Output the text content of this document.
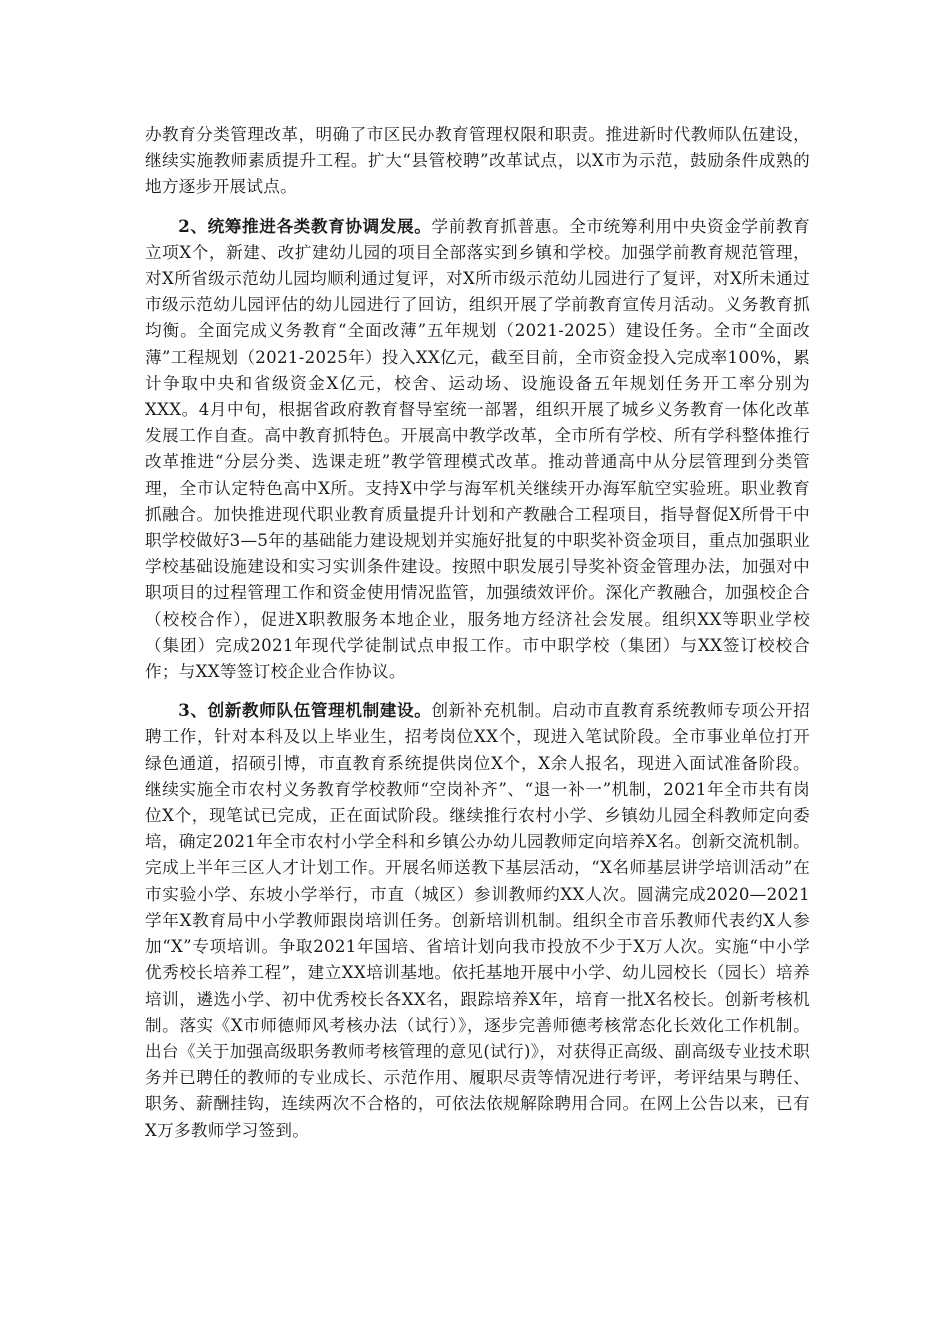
办教育分类管理改革，明确了市区民办教育管理权限和职责。推进新时代教师队伍建设，继续实施教师素质提升工程。扩大“县管校聘”改革试点，以X市为示范，鼓励条件成熟的地方逐步开展试点。

2、统筹推进各类教育协调发展。学前教育抓普惠。全市统筹利用中央资金学前教育立项X个，新建、改扩建幼儿园的项目全部落实到乡镇和学校。加强学前教育规范管理，对X所省级示范幼儿园均顺利通过复评，对X所市级示范幼儿园进行了复评，对X所未通过市级示范幼儿园评估的幼儿园进行了回访，组织开展了学前教育宣传月活动。义务教育抓均衡。全面完成义务教育“全面改薄”五年规划（2021-2025）建设任务。全市“全面改薄”工程规划（2021-2025年）投入XX亿元，截至目前，全市资金投入完成率100%，累计争取中央和省级资金X亿元，校舍、运动场、设施设备五年规划任务开工率分别为XXX。4月中旬，根据省政府教育督导室统一部署，组织开展了城乡义务教育一体化改革发展工作自查。高中教育抓特色。开展高中教学改革，全市所有学校、所有学科整体推行改革推进“分层分类、选课走班”教学管理模式改革。推动普通高中从分层管理到分类管理，全市认定特色高中X所。支持X中学与海军机关继续开办海军航空实验班。职业教育抓融合。加快推进现代职业教育质量提升计划和产教融合工程项目，指导督促X所骨干中职学校做好3—5年的基础能力建设规划并实施好批复的中职奖补资金项目，重点加强职业学校基础设施建设和实习实训条件建设。按照中职发展引导奖补资金管理办法，加强对中职项目的过程管理工作和资金使用情况监管，加强绩效评价。深化产教融合，加强校企合（校校合作），促进X职教服务本地企业，服务地方经济社会发展。组织XX等职业学校（集团）完成2021年现代学徒制试点申报工作。市中职学校（集团）与XX签订校校合作；与XX等签订校企业合作协议。

3、创新教师队伍管理机制建设。创新补充机制。启动市直教育系统教师专项公开招聘工作，针对本科及以上毕业生，招考岗位XX个，现进入笔试阶段。全市事业单位打开绿色通道，招硕引博，市直教育系统提供岗位X个，X余人报名，现进入面试准备阶段。继续实施全市农村义务教育学校教师“空岗补齐”、“退一补一”机制，2021年全市共有岗位X个，现笔试已完成，正在面试阶段。继续推行农村小学、乡镇幼儿园全科教师定向委培，确定2021年全市农村小学全科和乡镇公办幼儿园教师定向培养X名。创新交流机制。完成上半年三区人才计划工作。开展名师送教下基层活动，“X名师基层讲学培训活动”在市实验小学、东坡小学举行，市直（城区）参训教师约XX人次。圆满完成2020—2021学年X教育局中小学教师跟岗培训任务。创新培训机制。组织全市音乐教师代表约X人参加“X”专项培训。争取2021年国培、省培计划向我市投放不少于X万人次。实施“中小学优秀校长培养工程”，建立XX培训基地。依托基地开展中小学、幼儿园校长（园长）培养培训，遴选小学、初中优秀校长各XX名，跟踪培养X年，培育一批X名校长。创新考核机制。落实《X市师德师风考核办法（试行）》，逐步完善师德考核常态化长效化工作机制。出台《关于加强高级职务教师考核管理的意见(试行)》，对获得正高级、副高级专业技术职务并已聘任的教师的专业成长、示范作用、履职尽责等情况进行考评，考评结果与聘任、职务、薪酬挂钩，连续两次不合格的，可依法依规解除聘用合同。在网上公告以来，已有X万多教师学习签到。
